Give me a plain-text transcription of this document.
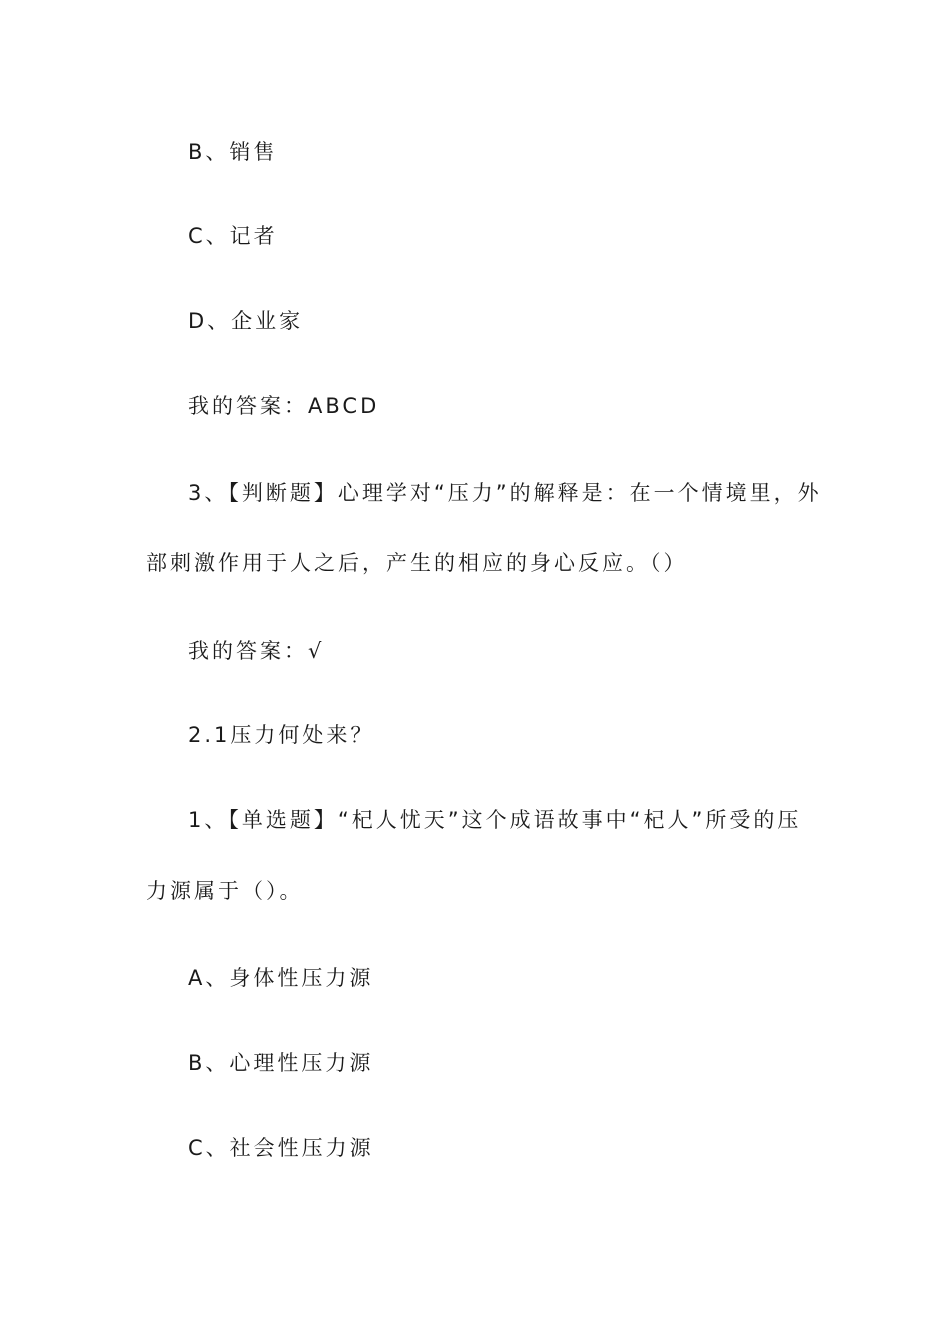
B、销售
C、记者
D、企业家
我的答案：ABCD
3、【判断题】心理学对“压力”的解释是：在一个情境里，外
部刺激作用于人之后，产生的相应的身心反应。（）
我的答案：√
2.1压力何处来？
1、【单选题】“杞人忧天”这个成语故事中“杞人”所受的压
力源属于（）。
A、身体性压力源
B、心理性压力源
C、社会性压力源
